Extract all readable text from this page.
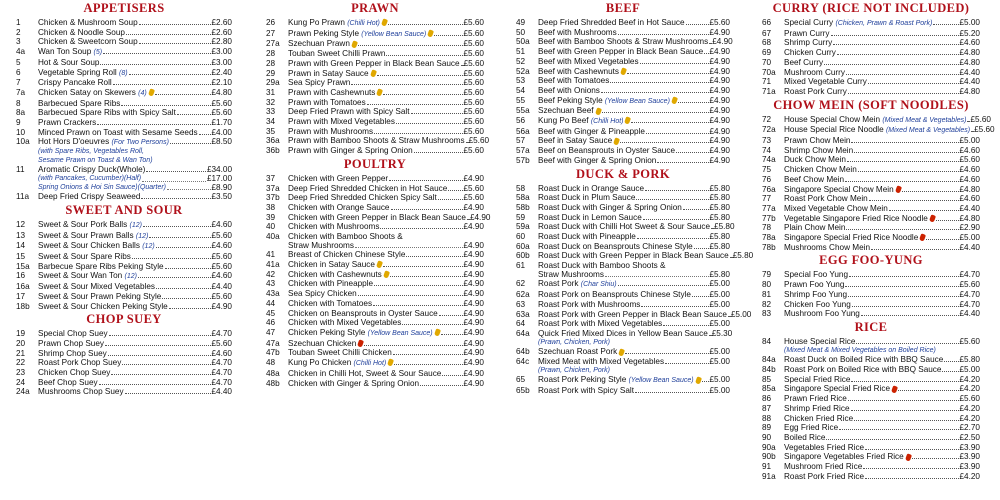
APPETISERS
1	Chicken & Mushroom Soup	£2.60
2	Chicken & Noodle Soup	£2.60
3	Chicken & Sweetcorn Soup	£2.80
4a	Wan Ton Soup (5)	£3.00
5	Hot & Sour Soup	£3.00
6	Vegetable Spring Roll (8)	£2.40
7	Crispy Pancake Roll	£2.10
7a	Chicken Satay on Skewers (4)	£4.80
8	Barbecued Spare Ribs	£5.60
8a	Barbecued Spare Ribs with Spicy Salt	£5.60
9	Prawn Crackers	£1.70
10	Minced Prawn on Toast with Sesame Seeds £4.00
10a	Hot Hors D'oeuvres (For Two Persons)	£8.50
(with Spare Ribs, Vegetables Roll,
Sesame Prawn on Toast & Wan Ton)
11	Aromatic Crispy Duck(Whole)	£34.00
(with Pancakes, Cucumber)(Half)	£17.00
Spring Onions & Hoi Sin Sauce)(Quarter)	£8.90
11a	Deep Fried Crispy Seaweed	£3.50
SWEET AND SOUR
12	Sweet & Sour Pork Balls (12)	£4.60
13	Sweet & Sour Prawn Balls (12)	£5.60
14	Sweet & Sour Chicken Balls (12)	£4.60
15	Sweet & Sour Spare Ribs	£5.60
15a	Barbecue Spare Ribs Peking Style	£5.60
16	Sweet & Sour Wan Ton (12)	£4.60
16a	Sweet & Sour Mixed Vegetables	£4.40
17	Sweet & Sour Prawn Peking Style	£5.60
18b	Sweet & Sour Chicken Peking Style	£4.90
CHOP SUEY
19	Special Chop Suey	£4.70
20	Prawn Chop Suey	£5.60
21	Shrimp Chop Suey	£4.60
22	Roast Pork Chop Suey	£4.70
23	Chicken Chop Suey	£4.70
24	Beef Chop Suey	£4.70
24a	Mushrooms Chop Suey	£4.40
PRAWN
26	Kung Po Prawn (Chilli Hot)	£5.60
27	Prawn Peking Style (Yellow Bean Sauce)	£5.60
27a	Szechuan Prawn	£5.60
28	Touban Sweet Chilli Prawn	£5.60
28	Prawn with Green Pepper in Black Bean Sauce £5.60
29	Prawn in Satay Sauce	£5.60
29a	Sea Spicy Prawn	£5.60
31	Prawn with Cashewnuts	£5.60
32	Prawn with Tomatoes	£5.60
33	Deep Fried Prawn with Spicy Salt	£5.60
34	Prawn with Mixed Vegetables	£5.60
35	Prawn with Mushrooms	£5.60
36a	Prawn with Bamboo Shoots & Straw Mushrooms £5.60
36b	Prawn with Ginger & Spring Onion	£5.60
POULTRY
37	Chicken with Green Pepper	£4.90
37a	Deep Fried Shredded Chicken in Hot Sauce £5.60
37b	Deep Fried Shredded Chicken Spicy Salt	£5.60
38	Chicken with Orange Sauce	£4.90
39	Chicken with Green Pepper in Black Bean Sauce £4.90
40	Chicken with Mushrooms	£4.90
40a	Chicken with Bamboo Shoots &
Straw Mushrooms	£4.90
41	Breast of Chicken Chinese Style	£4.90
41a	Chicken in Satay Sauce	£4.90
42	Chicken with Cashewnuts	£4.90
43	Chicken with Pineapple	£4.90
43a	Sea Spicy Chicken	£4.90
44	Chicken with Tomatoes	£4.90
45	Chicken on Beansprouts in Oyster Sauce	£4.90
46	Chicken with Mixed Vegetables	£4.90
47	Chicken Peking Style (Yellow Bean Sauce)	£4.90
47a	Szechuan Chicken	£4.90
47b	Touban Sweet Chilli Chicken	£4.90
48	Kung Po Chicken (Chilli Hot)	£4.90
48a	Chicken in Chilli Hot, Sweet & Sour Sauce	£4.90
48b	Chicken with Ginger & Spring Onion	£4.90
BEEF
49	Deep Fried Shredded Beef in Hot Sauce	£5.60
50	Beef with Mushrooms	£4.90
50a	Beef with Bamboo Shoots & Straw Mushrooms £4.90
51	Beef with Green Pepper in Black Bean Sauce £4.90
52	Beef with Mixed Vegetables	£4.90
52a	Beef with Cashewnuts	£4.90
53	Beef with Tomatoes	£4.90
54	Beef with Onions	£4.90
55	Beef Peking Style (Yellow Bean Sauce)	£4.90
55a	Szechuan Beef	£4.90
56	Kung Po Beef (Chilli Hot)	£4.90
56a	Beef with Ginger & Pineapple	£4.90
57	Beef in Satay Sauce	£4.90
57a	Beef on Beansprouts in Oyster Sauce	£4.90
57b	Beef with Ginger & Spring Onion	£4.90
DUCK & PORK
58	Roast Duck in Orange Sauce	£5.80
58a	Roast Duck in Plum Sauce	£5.80
58b	Roast Duck with Ginger & Spring Onion	£5.80
59	Roast Duck in Lemon Sauce	£5.80
59a	Roast Duck with Chilli Hot Sweet & Sour Sauce £5.80
60	Roast Duck with Pineapple	£5.80
60a	Roast Duck on Beansprouts Chinese Style £5.80
60b	Roast Duck with Green Pepper in Black Bean Sauce £5.80
61	Roast Duck with Bamboo Shoots &
Straw Mushrooms	£5.80
62	Roast Pork (Char Shiu)	£5.00
62a	Roast Pork on Beansprouts Chinese Style £5.00
63	Roast Pork with Mushrooms	£5.00
63a	Roast Pork with Green Pepper in Black Bean Sauce £5.00
64	Roast Pork with Mixed Vegetables	£5.00
64a	Quick Fried Mixed Dices in Yellow Bean Sauce £5.30
(Prawn, Chicken, Pork)
64b	Szechuan Roast Pork	£5.00
64c	Mixed Meat with Mixed Vegetables	£5.00
(Prawn, Chicken, Pork)
65	Roast Pork Peking Style (Yellow Bean Sauce)	£5.00
65b	Roast Pork with Spicy Salt	£5.00
CURRY (RICE NOT INCLUDED)
66	Special Curry (Chicken, Prawn & Roast Pork)	£5.00
67	Prawn Curry	£5.20
68	Shrimp Curry	£4.60
69	Chicken Curry	£4.80
70	Beef Curry	£4.80
70a	Mushroom Curry	£4.40
71	Mixed Vegetable Curry	£4.40
71a	Roast Pork Curry	£4.80
CHOW MEIN (SOFT NOODLES)
72	House Special Chow Mein (Mixed Meat & Vegetables) £5.60
72a	House Special Rice Noodle (Mixed Meat & Vegetables) £5.60
73	Prawn Chow Mein	£5.00
74	Shrimp Chow Mein	£4.60
74a	Duck Chow Mein	£5.60
75	Chicken Chow Mein	£4.60
76	Beef Chow Mein	£4.60
76a	Singapore Special Chow Mein	£4.80
77	Roast Pork Chow Mein	£4.60
77a	Mixed Vegetable Chow Mein	£4.40
77b	Vegetable Singapore Fried Rice Noodle	£4.80
78	Plain Chow Mein	£2.90
78a	Singapore Special Fried Rice Noodle	£5.00
78b	Mushrooms Chow Mein	£4.40
EGG FOO-YUNG
79	Special Foo Yung	£4.70
80	Prawn Foo Yung	£5.60
81	Shrimp Foo Yung	£4.70
82	Chicken Foo Yung	£4.70
83	Mushroom Foo Yung	£4.40
RICE
84	House Special Rice	£5.60
(Mixed Meat & Mixed Vegetables on Boiled Rice)
84a	Roast Duck on Boiled Rice with BBQ Sauce £5.80
84b	Roast Pork on Boiled Rice with BBQ Sauce £5.00
85	Special Fried Rice	£4.20
85a	Singapore Special Fried Rice	£4.20
86	Prawn Fried Rice	£5.60
87	Shrimp Fried Rice	£4.20
88	Chicken Fried Rice	£4.20
89	Egg Fried Rice	£2.70
90	Boiled Rice	£2.50
90a	Vegetables Fried Rice	£3.90
90b	Singapore Vegetables Fried Rice	£3.90
91	Mushroom Fried Rice	£3.90
91a	Roast Pork Fried Rice	£4.20
